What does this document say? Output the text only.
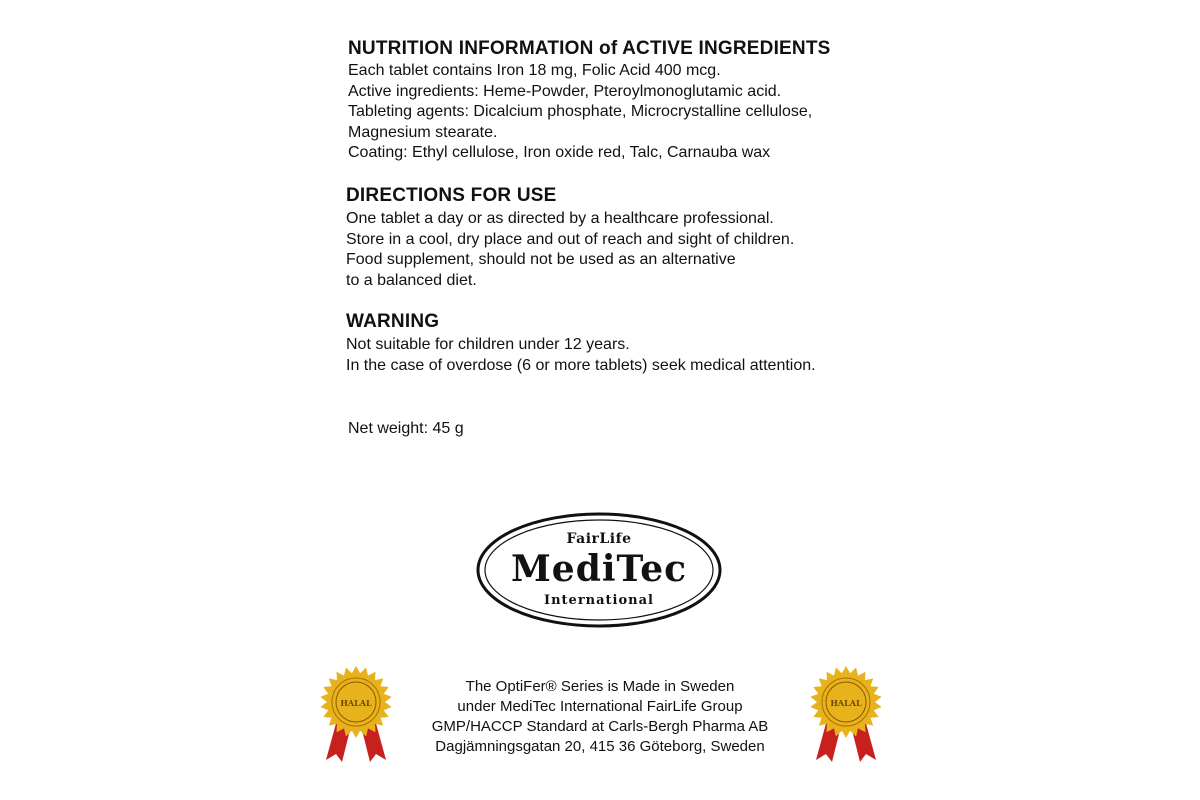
NUTRITION INFORMATION of ACTIVE INGREDIENTS

Each tablet contains Iron 18 mg, Folic Acid 400 mcg.

Active ingredients: Heme-Powder, Pteroylmonoglutamic acid.

Tableting agents: Dicalcium phosphate, Microcrystalline cellulose,

Magnesium stearate.

Coating: Ethyl cellulose, Iron oxide red, Talc, Carnauba wax

DIRECTIONS FOR USE

One tablet a day or as directed by a healthcare professional.

Store in a cool, dry place and out of reach and sight of children.

Food supplement, should not be used as an alternative

to a balanced diet.

WARNING

Not suitable for children under 12 years.

In the case of overdose (6 or more tablets) seek medical attention.

Net weight: 45 g
FairLife
MediTec
International
HALAL

The OptiFer® Series is Made in Sweden

under MediTec International FairLife Group

GMP/HACCP Standard at Carls-Bergh Pharma AB

Dagjämningsgatan 20, 415 36 Göteborg, Sweden

HALAL
